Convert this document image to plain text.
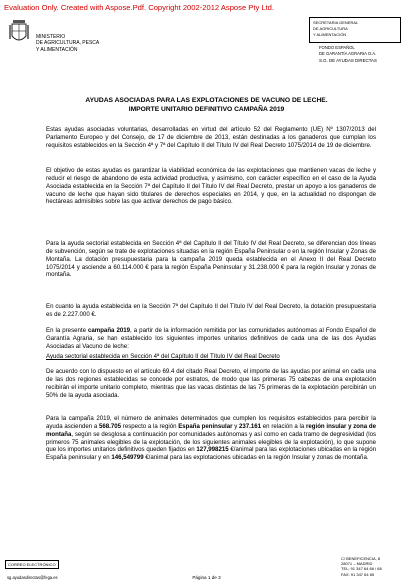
Evaluation Only. Created with Aspose.Pdf. Copyright 2002-2012 Aspose Pty Ltd.
MINISTERIO
DE AGRICULTURA, PESCA
Y ALIMENTACIÓN
SECRETARIA GENERAL
DE AGRICULTURA
Y ALIMENTACIÓN
FONDO ESPAÑOL
DE GARANTÍA AGRARIA O.A.
S.G. DE AYUDAS DIRECTAS
AYUDAS ASOCIADAS PARA LAS EXPLOTACIONES DE VACUNO DE LECHE.
IMPORTE UNITARIO DEFINITIVO CAMPAÑA 2019

Estas ayudas asociadas voluntarias, desarrolladas en virtud del artículo 52 del Reglamento (UE) Nº 1307/2013 del Parlamento Europeo y del Consejo, de 17 de diciembre de 2013, están destinadas a los ganaderos que cumplan los requisitos establecidos en la Sección 4ª y 7ª del Capítulo II del Título IV del Real Decreto 1075/2014 de 19 de diciembre.

El objetivo de estas ayudas es garantizar la viabilidad económica de las explotaciones que mantienen vacas de leche y reducir el riesgo de abandono de esta actividad productiva, y asimismo, con carácter específico en el caso de la Ayuda Asociada establecida en la Sección 7ª del Capítulo II del Título IV del Real Decreto, prestar un apoyo a los ganaderos de vacuno de leche que hayan sido titulares de derechos especiales en 2014, y que, en la actualidad no dispongan de hectáreas admisibles sobre las que activar derechos de pago básico.

Para la ayuda sectorial establecida en Sección 4ª del Capítulo II del Título IV del Real Decreto, se diferencian dos líneas de subvención, según se trate de explotaciones situadas en la región España Peninsular o en la región Insular y Zonas de Montaña. La dotación presupuestaria para la campaña 2019 queda establecida en el Anexo II del Real Decreto 1075/2014 y asciende a 60.114.000 € para la región España Peninsular y 31.238.000 € para la región Insular y zonas de montaña.

En cuanto la ayuda establecida en la Sección 7ª del Capítulo II del Título IV del Real Decreto, la dotación presupuestaria es de 2.227.000 €.

En la presente campaña 2019, a partir de la información remitida por las comunidades autónomas al Fondo Español de Garantía Agraria, se han establecido los siguientes importes unitarios definitivos de cada una de las dos Ayudas Asociadas al Vacuno de leche:

Ayuda sectorial establecida en Sección 4ª del Capítulo II del Título IV del Real Decreto

De acuerdo con lo dispuesto en el artículo 69.4 del citado Real Decreto, el importe de las ayudas por animal en cada una de las dos regiones establecidas se concede por estratos, de modo que las primeras 75 cabezas de una explotación recibirán el importe unitario completo, mientras que las vacas distintas de las 75 primeras de la explotación percibirán un 50% de la ayuda asociada.

Para la campaña 2019, el número de animales determinados que cumplen los requisitos establecidos para percibir la ayuda ascienden a 568.705 respecto a la región España peninsular y 237.161 en relación a la región insular y zona de montaña, según se desglosa a continuación por comunidades autónomas y así como en cada tramo de degresividad (los primeros 75 animales elegibles de la explotación, de los siguientes animales elegibles de la explotación), lo que supone que los importes unitarios definitivos queden fijados en 127,998215 €/animal para las explotaciones ubicadas en la región España peninsular y en 146,549799 €/animal para las explotaciones ubicadas en la región Insular y zonas de montaña.

CORREO ELECTRÓNICO
sg.ayudasdirectas@fega.es	Página 1 de 3
C/ BENEFICENCIA, 8
28071 – MADRID
TEL: 91 347 64 66 / 68
FAX: 91 347 64 65
